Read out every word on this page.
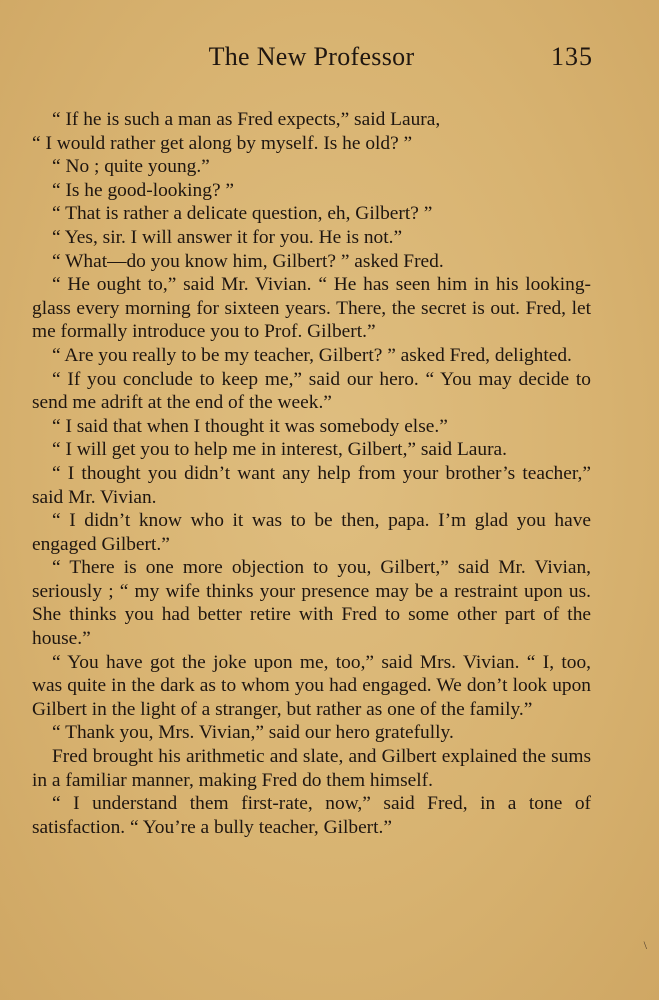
The New Professor	135

“ If he is such a man as Fred expects,” said Laura,

“ I would rather get along by myself. Is he old? ”

“ No ; quite young.”

“ Is he good-looking? ”

“ That is rather a delicate question, eh, Gilbert? ”

“ Yes, sir. I will answer it for you. He is not.”

“ What—do you know him, Gilbert? ” asked Fred.

“ He ought to,” said Mr. Vivian. “ He has seen him in his looking-glass every morning for sixteen years. There, the secret is out. Fred, let me formally introduce you to Prof. Gilbert.”

“ Are you really to be my teacher, Gilbert? ” asked Fred, delighted.

“ If you conclude to keep me,” said our hero. “ You may decide to send me adrift at the end of the week.”

“ I said that when I thought it was somebody else.”

“ I will get you to help me in interest, Gilbert,” said Laura.

“ I thought you didn’t want any help from your brother’s teacher,” said Mr. Vivian.

“ I didn’t know who it was to be then, papa. I’m glad you have engaged Gilbert.”

“ There is one more objection to you, Gilbert,” said Mr. Vivian, seriously ; “ my wife thinks your presence may be a restraint upon us. She thinks you had better retire with Fred to some other part of the house.”

“ You have got the joke upon me, too,” said Mrs. Vivian. “ I, too, was quite in the dark as to whom you had engaged. We don’t look upon Gilbert in the light of a stranger, but rather as one of the family.”

“ Thank you, Mrs. Vivian,” said our hero gratefully.

Fred brought his arithmetic and slate, and Gilbert explained the sums in a familiar manner, making Fred do them himself.

“ I understand them first-rate, now,” said Fred, in a tone of satisfaction. “ You’re a bully teacher, Gilbert.”

\
